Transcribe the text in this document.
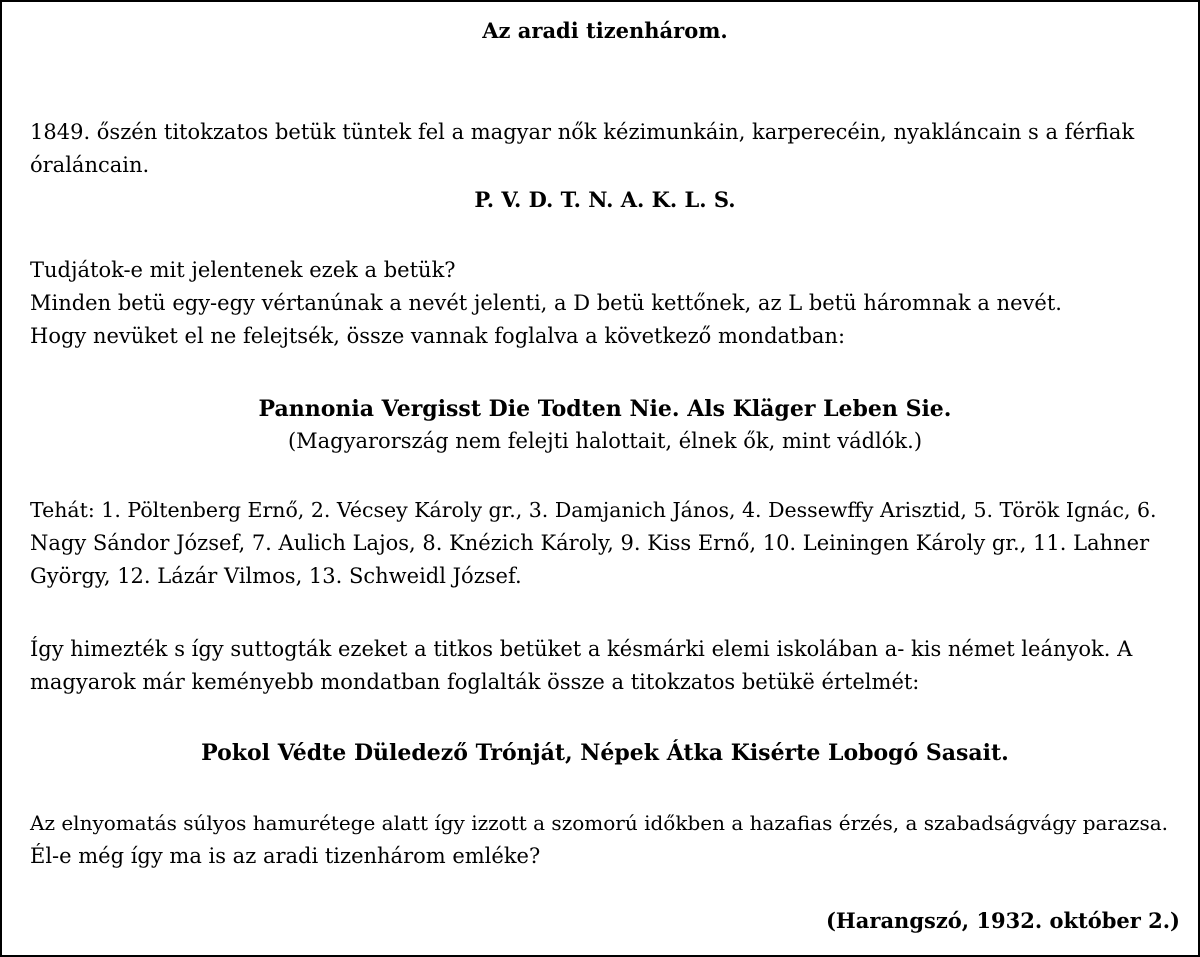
Az aradi tizenhárom.
1849. őszén titokzatos betük tüntek fel a magyar nők kézimunkáin, karperecéin, nyakláncain s a férfiak
óraláncain.
P. V. D. T. N. A. K. L. S.
Tudjátok-e mit jelentenek ezek a betük?
Minden betü egy-egy vértanúnak a nevét jelenti, a D betü kettőnek, az L betü háromnak a nevét.
Hogy nevüket el ne felejtsék, össze vannak foglalva a következő mondatban:
Pannonia Vergisst Die Todten Nie. Als Kläger Leben Sie.
(Magyarország nem felejti halottait, élnek ők, mint vádlók.)
Tehát: 1. Pöltenberg Ernő, 2. Vécsey Károly gr., 3. Damjanich János, 4. Dessewffy Arisztid, 5. Török Ignác, 6.
Nagy Sándor József, 7. Aulich Lajos, 8. Knézich Károly, 9. Kiss Ernő, 10. Leiningen Károly gr., 11. Lahner
György, 12. Lázár Vilmos, 13. Schweidl József.
Így himezték s így suttogták ezeket a titkos betüket a késmárki elemi iskolában a- kis német leányok. A
magyarok már keményebb mondatban foglalták össze a titokzatos betükë értelmét:
Pokol Védte Düledező Trónját, Népek Átka Kisérte Lobogó Sasait.
Az elnyomatás súlyos hamurétege alatt így izzott a szomorú időkben a hazafias érzés, a szabadságvágy parazsa.
Él-e még így ma is az aradi tizenhárom emléke?
(Harangszó, 1932. október 2.)
